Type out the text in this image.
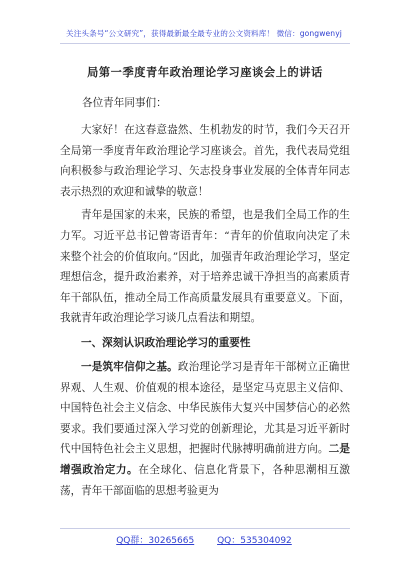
关注头条号“公文研究”，获得最新最全最专业的公文资料库！ 微信：gongwenyj
局第一季度青年政治理论学习座谈会上的讲话
各位青年同事们：

大家好！在这春意盎然、生机勃发的时节，我们今天召开全局第一季度青年政治理论学习座谈会。首先，我代表局党组向积极参与政治理论学习、矢志投身事业发展的全体青年同志表示热烈的欢迎和诚挚的敬意！

青年是国家的未来，民族的希望，也是我们全局工作的生力军。习近平总书记曾寄语青年：“青年的价值取向决定了未来整个社会的价值取向。”因此，加强青年政治理论学习，坚定理想信念，提升政治素养，对于培养忠诚干净担当的高素质青年干部队伍，推动全局工作高质量发展具有重要意义。下面，我就青年政治理论学习谈几点看法和期望。

一、深刻认识政治理论学习的重要性

一是筑牢信仰之基。政治理论学习是青年干部树立正确世界观、人生观、价值观的根本途径，是坚定马克思主义信仰、中国特色社会主义信念、中华民族伟大复兴中国梦信心的必然要求。我们要通过深入学习党的创新理论，尤其是习近平新时代中国特色社会主义思想，把握时代脉搏明确前进方向。二是增强政治定力。在全球化、信息化背景下，各种思潮相互激荡，青年干部面临的思想考验更为

QQ群：30265665	QQ：535304092
